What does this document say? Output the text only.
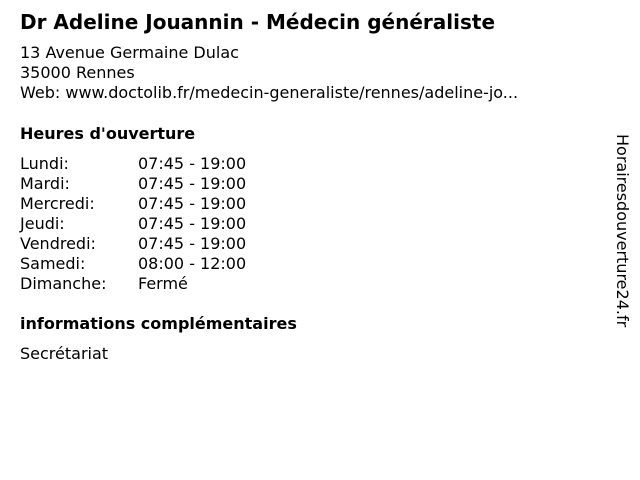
Dr Adeline Jouannin - Médecin généraliste
13 Avenue Germaine Dulac
35000 Rennes
Web: www.doctolib.fr/medecin-generaliste/rennes/adeline-jo...
Heures d'ouverture
Lundi:	07:45 - 19:00
Mardi:	07:45 - 19:00
Mercredi:	07:45 - 19:00
Jeudi:	07:45 - 19:00
Vendredi:	07:45 - 19:00
Samedi:	08:00 - 12:00
Dimanche:	Fermé
informations complémentaires
Secrétariat
Horairesdouverture24.fr
